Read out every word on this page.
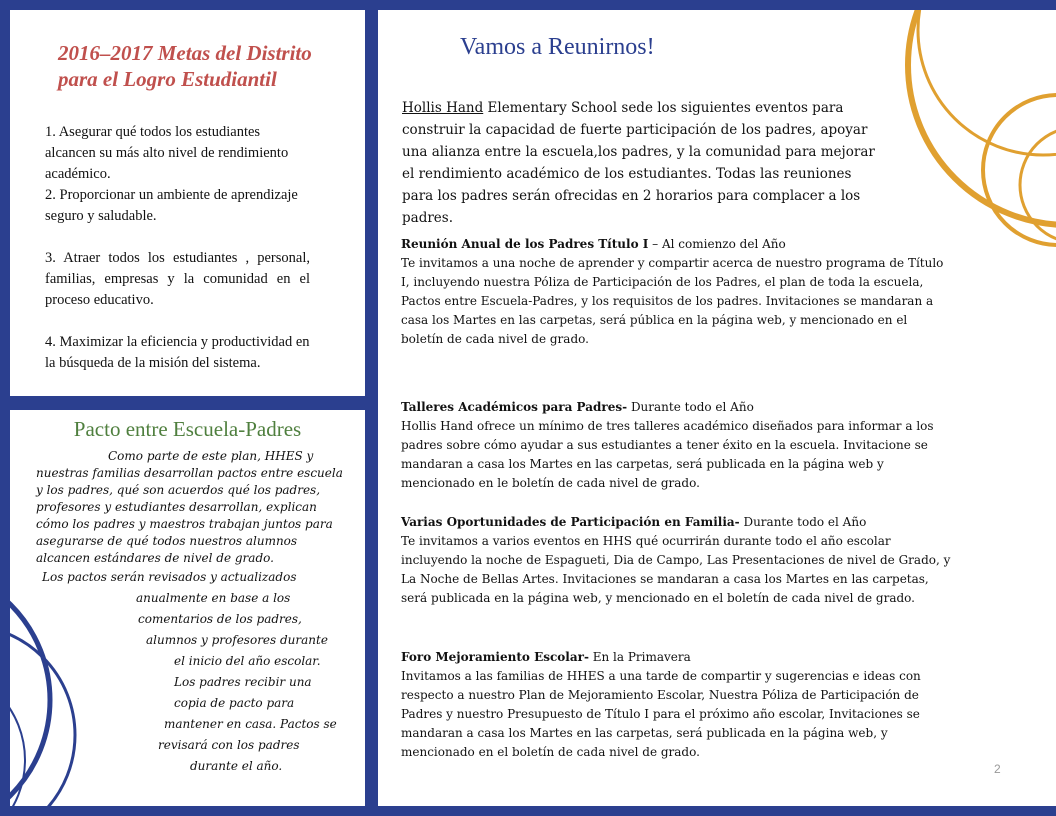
2016–2017 Metas del Distrito para el Logro Estudiantil

1. Asegurar qué todos los estudiantes alcancen su más alto nivel de rendimiento académico.

2. Proporcionar un ambiente de aprendizaje seguro y saludable.

3. Atraer todos los estudiantes , personal, familias, empresas y la comunidad en el proceso educativo.

4. Maximizar la eficiencia y productividad en la búsqueda de la misión del sistema.

Pacto entre Escuela-Padres

Como parte de este plan, HHES y nuestras familias desarrollan pactos entre escuela y los padres, qué son acuerdos qué los padres, profesores y estudiantes desarrollan, explican cómo los padres y maestros trabajan juntos para asegurarse de qué todos nuestros alumnos alcancen estándares de nivel de grado.

Los pactos serán revisados y actualizados

anualmente en base a los

comentarios de los padres,

alumnos y profesores durante

el inicio del año escolar.

Los padres recibir una

copia de pacto para

mantener en casa. Pactos se

revisará con los padres

durante el año.

Vamos a Reunirnos!

Hollis Hand Elementary School sede los siguientes eventos para construir la capacidad de fuerte participación de los padres, apoyar una alianza entre la escuela,los padres, y la comunidad para mejorar el rendimiento académico de los estudiantes. Todas las reuniones para los padres serán ofrecidas en 2 horarios para complacer a los padres.

Reunión Anual de los Padres Título I – Al comienzo del Año
Te invitamos a una noche de aprender y compartir acerca de nuestro programa de Título I, incluyendo nuestra Póliza de Participación de los Padres, el plan de toda la escuela, Pactos entre Escuela-Padres, y los requisitos de los padres. Invitaciones se mandaran a casa los Martes en las carpetas, será pública en la página web, y mencionado en el boletín de cada nivel de grado.

Talleres Académicos para Padres- Durante todo el Año
Hollis Hand ofrece un mínimo de tres talleres académico diseñados para informar a los padres sobre cómo ayudar a sus estudiantes a tener éxito en la escuela. Invitacione se mandaran a casa los Martes en las carpetas, será publicada en la página web y mencionado en le boletín de cada nivel de grado.

Varias Oportunidades de Participación en Familia- Durante todo el Año
Te invitamos a varios eventos en HHS qué ocurrirán durante todo el año escolar incluyendo la noche de Espagueti, Dia de Campo, Las Presentaciones de nivel de Grado, y La Noche de Bellas Artes. Invitaciones se mandaran a casa los Martes en las carpetas, será publicada en la página web, y mencionado en el boletín de cada nivel de grado.

Foro Mejoramiento Escolar- En la Primavera
Invitamos a las familias de HHES a una tarde de compartir y sugerencias e ideas con respecto a nuestro Plan de Mejoramiento Escolar, Nuestra Póliza de Participación de Padres y nuestro Presupuesto de Título I para el próximo año escolar, Invitaciones se mandaran a casa los Martes en las carpetas, será publicada en la página web, y mencionado en el boletín de cada nivel de grado.

2
